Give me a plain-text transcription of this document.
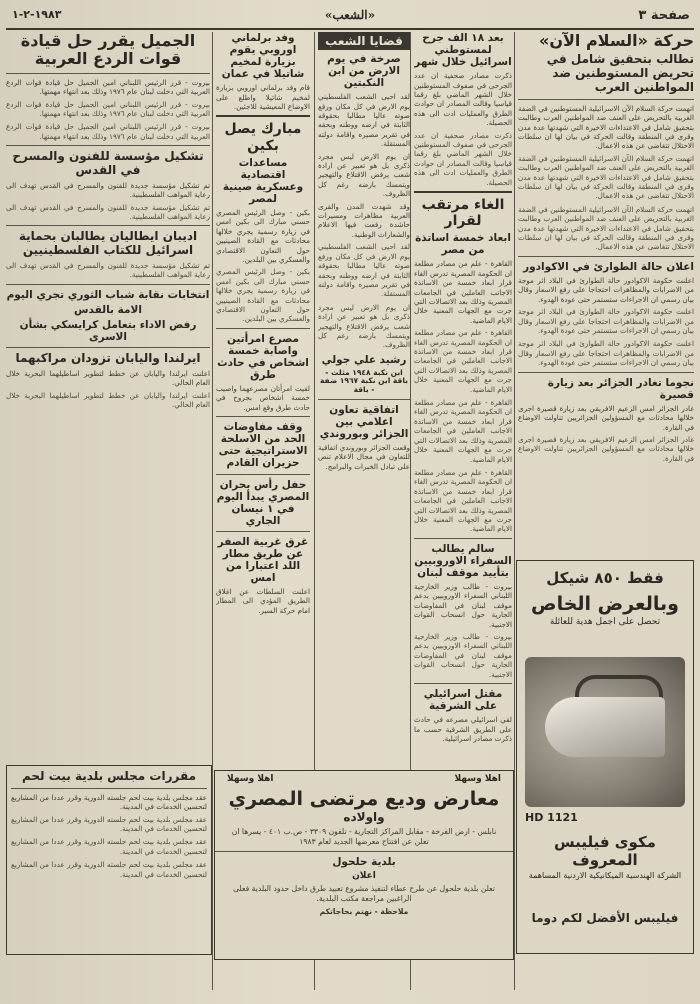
صفحة ٣
«الشعب»
١٩٨٣-٢-١
حركة «السلام الآن»
تطالب بتحقيق شامل في تحريض المستوطنين ضد المواطنين العرب

اتهمت حركة السلام الآن الاسرائيلية المستوطنين في الضفة الغربية بالتحريض على العنف ضد المواطنين العرب وطالبت بتحقيق شامل في الاعتداءات الاخيرة التي شهدتها عدة مدن وقرى في المنطقة وقالت الحركة في بيان لها ان سلطات الاحتلال تتغاضى عن هذه الاعمال.

اتهمت حركة السلام الآن الاسرائيلية المستوطنين في الضفة الغربية بالتحريض على العنف ضد المواطنين العرب وطالبت بتحقيق شامل في الاعتداءات الاخيرة التي شهدتها عدة مدن وقرى في المنطقة وقالت الحركة في بيان لها ان سلطات الاحتلال تتغاضى عن هذه الاعمال.

اتهمت حركة السلام الآن الاسرائيلية المستوطنين في الضفة الغربية بالتحريض على العنف ضد المواطنين العرب وطالبت بتحقيق شامل في الاعتداءات الاخيرة التي شهدتها عدة مدن وقرى في المنطقة وقالت الحركة في بيان لها ان سلطات الاحتلال تتغاضى عن هذه الاعمال.

اعلان حالة الطوارئ في الاكوادور

اعلنت حكومة الاكوادور حالة الطوارئ في البلاد اثر موجة من الاضرابات والمظاهرات احتجاجا على رفع الاسعار وقال بيان رسمي ان الاجراءات ستستمر حتى عودة الهدوء.

اعلنت حكومة الاكوادور حالة الطوارئ في البلاد اثر موجة من الاضرابات والمظاهرات احتجاجا على رفع الاسعار وقال بيان رسمي ان الاجراءات ستستمر حتى عودة الهدوء.

اعلنت حكومة الاكوادور حالة الطوارئ في البلاد اثر موجة من الاضرابات والمظاهرات احتجاجا على رفع الاسعار وقال بيان رسمي ان الاجراءات ستستمر حتى عودة الهدوء.

نجوما تغادر الجزائر بعد زيارة قصيرة

غادر الجزائر امس الزعيم الافريقي بعد زيارة قصيرة اجرى خلالها محادثات مع المسؤولين الجزائريين تناولت الاوضاع في القارة.

غادر الجزائر امس الزعيم الافريقي بعد زيارة قصيرة اجرى خلالها محادثات مع المسؤولين الجزائريين تناولت الاوضاع في القارة.

بعد ١٨ الف جرح لمستوطني اسرائيل خلال شهر

ذكرت مصادر صحفية ان عدد الجرحى في صفوف المستوطنين خلال الشهر الماضي بلغ رقما قياسيا وقالت المصادر ان حوادث الطرق والعمليات ادت الى هذه الحصيلة.

ذكرت مصادر صحفية ان عدد الجرحى في صفوف المستوطنين خلال الشهر الماضي بلغ رقما قياسيا وقالت المصادر ان حوادث الطرق والعمليات ادت الى هذه الحصيلة.

الغاء مرتقب لقرار
ابعاد خمسة اساتذة من مصر

القاهرة - علم من مصادر مطلعة ان الحكومة المصرية تدرس الغاء قرار ابعاد خمسة من الاساتذة الاجانب العاملين في الجامعات المصرية وذلك بعد الاتصالات التي جرت مع الجهات المعنية خلال الايام الماضية.

القاهرة - علم من مصادر مطلعة ان الحكومة المصرية تدرس الغاء قرار ابعاد خمسة من الاساتذة الاجانب العاملين في الجامعات المصرية وذلك بعد الاتصالات التي جرت مع الجهات المعنية خلال الايام الماضية.

القاهرة - علم من مصادر مطلعة ان الحكومة المصرية تدرس الغاء قرار ابعاد خمسة من الاساتذة الاجانب العاملين في الجامعات المصرية وذلك بعد الاتصالات التي جرت مع الجهات المعنية خلال الايام الماضية.

القاهرة - علم من مصادر مطلعة ان الحكومة المصرية تدرس الغاء قرار ابعاد خمسة من الاساتذة الاجانب العاملين في الجامعات المصرية وذلك بعد الاتصالات التي جرت مع الجهات المعنية خلال الايام الماضية.

سالم يطالب السفراء الاوروبيين بتأييد موقف لبنان

بيروت - طالب وزير الخارجية اللبناني السفراء الاوروبيين بدعم موقف لبنان في المفاوضات الجارية حول انسحاب القوات الاجنبية.

بيروت - طالب وزير الخارجية اللبناني السفراء الاوروبيين بدعم موقف لبنان في المفاوضات الجارية حول انسحاب القوات الاجنبية.

مقتل اسرائيلي على الشرقية

لقي اسرائيلي مصرعه في حادث على الطريق الشرقية حسب ما ذكرت مصادر اسرائيلية.

قضايا الشعب
صرخة في يوم الارض من ابن النكبتين

لقد احيى الشعب الفلسطيني يوم الارض في كل مكان ورفع صوته عاليا مطالبا بحقوقه الثابتة في ارضه ووطنه وبحقه في تقرير مصيره واقامة دولته المستقلة.

ان يوم الارض ليس مجرد ذكرى بل هو تعبير عن ارادة شعب يرفض الاقتلاع والتهجير ويتمسك بارضه رغم كل الظروف.

وقد شهدت المدن والقرى العربية مظاهرات ومسيرات حاشدة رفعت فيها الاعلام والشعارات الوطنية.

لقد احيى الشعب الفلسطيني يوم الارض في كل مكان ورفع صوته عاليا مطالبا بحقوقه الثابتة في ارضه ووطنه وبحقه في تقرير مصيره واقامة دولته المستقلة.

ان يوم الارض ليس مجرد ذكرى بل هو تعبير عن ارادة شعب يرفض الاقتلاع والتهجير ويتمسك بارضه رغم كل الظروف.

رشيد علي جولي
ابن نكبة ١٩٤٨ مثلث - باقة ابن نكبة ١٩٦٧ ضفة - باقة
اتفاقية تعاون اعلامي بين الجزائر وبوروندي

وقعت الجزائر وبوروندي اتفاقية للتعاون في مجال الاعلام تنص على تبادل الخبرات والبرامج.

وفد برلماني اوروبي يقوم بزيارة لمخيم شاتيلا في عمان

قام وفد برلماني اوروبي بزيارة لمخيم شاتيلا واطلع على الاوضاع المعيشية للاجئين.

مبارك يصل بكين
مساعدات اقتصادية وعسكرية صينية لمصر

بكين - وصل الرئيس المصري حسني مبارك الى بكين امس في زيارة رسمية يجري خلالها محادثات مع القادة الصينيين حول التعاون الاقتصادي والعسكري بين البلدين.

بكين - وصل الرئيس المصري حسني مبارك الى بكين امس في زيارة رسمية يجري خلالها محادثات مع القادة الصينيين حول التعاون الاقتصادي والعسكري بين البلدين.

مصرع امرأتين واصابة خمسة اشخاص في حادث طرق

لقيت امرأتان مصرعهما واصيب خمسة اشخاص بجروح في حادث طرق وقع امس.

وقف مفاوضات الحد من الاسلحة الاستراتيجية حتى حزيران القادم
حفل رأس بحران المصري يبدأ اليوم في ١ نيسان الجاري
غرق غربية الصفر عن طريق مطار اللد اعتبارا من امس

اعلنت السلطات عن اغلاق الطريق المؤدي الى المطار امام حركة السير.

الجميل يقرر حل قيادة قوات الردع العربية

بيروت - قرر الرئيس اللبناني امين الجميل حل قيادة قوات الردع العربية التي دخلت لبنان عام ١٩٧٦ وذلك بعد انتهاء مهمتها.

بيروت - قرر الرئيس اللبناني امين الجميل حل قيادة قوات الردع العربية التي دخلت لبنان عام ١٩٧٦ وذلك بعد انتهاء مهمتها.

بيروت - قرر الرئيس اللبناني امين الجميل حل قيادة قوات الردع العربية التي دخلت لبنان عام ١٩٧٦ وذلك بعد انتهاء مهمتها.

تشكيل مؤسسة للفنون والمسرح في القدس

تم تشكيل مؤسسة جديدة للفنون والمسرح في القدس تهدف الى رعاية المواهب الفلسطينية.

تم تشكيل مؤسسة جديدة للفنون والمسرح في القدس تهدف الى رعاية المواهب الفلسطينية.

اديبان ايطاليان يطالبان بحماية اسرائيل للكتاب الفلسطينيين

تم تشكيل مؤسسة جديدة للفنون والمسرح في القدس تهدف الى رعاية المواهب الفلسطينية.

انتخابات نقابة شباب الثوري تجري اليوم
الامة بالقدس
رفض الاداء بتعامل كرايسكي بشأن الاسرى
ايرلندا واليابان تزودان مراكبهما

اعلنت ايرلندا واليابان عن خطط لتطوير اساطيلهما البحرية خلال العام الحالي.

اعلنت ايرلندا واليابان عن خطط لتطوير اساطيلهما البحرية خلال العام الحالي.

مقررات مجلس بلدية بيت لحم

عقد مجلس بلدية بيت لحم جلسته الدورية وقرر عددا من المشاريع لتحسين الخدمات في المدينة.

عقد مجلس بلدية بيت لحم جلسته الدورية وقرر عددا من المشاريع لتحسين الخدمات في المدينة.

عقد مجلس بلدية بيت لحم جلسته الدورية وقرر عددا من المشاريع لتحسين الخدمات في المدينة.

عقد مجلس بلدية بيت لحم جلسته الدورية وقرر عددا من المشاريع لتحسين الخدمات في المدينة.

اهلا وسهلا
اهلا وسهلا
معارض وديع مرتضى المصري
واولاده
نابلس - ارض الفرخة - مقابل المراكز التجارية - تلفون ٣٣٠٩ - ص.ب ٤٠١ - يسرها ان تعلن عن افتتاح معرضها الجديد لعام ١٩٨٣
بلدية حلحول
اعلان
تعلن بلدية حلحول عن طرح عطاء لتنفيذ مشروع تعبيد طرق داخل حدود البلدية فعلى الراغبين مراجعة مكتب البلدية.
ملاحظة - نهتم بحاجاتكم
فقط ٨٥٠ شيكل
وبالعرض الخاص
تحصل على اجمل هدية للعائلة
HD 1121
مكوى فيليبس المعروف
الشركة الهندسية الميكانيكية الاردنية المساهمة
فيليبس الأفضل لكم دوما
